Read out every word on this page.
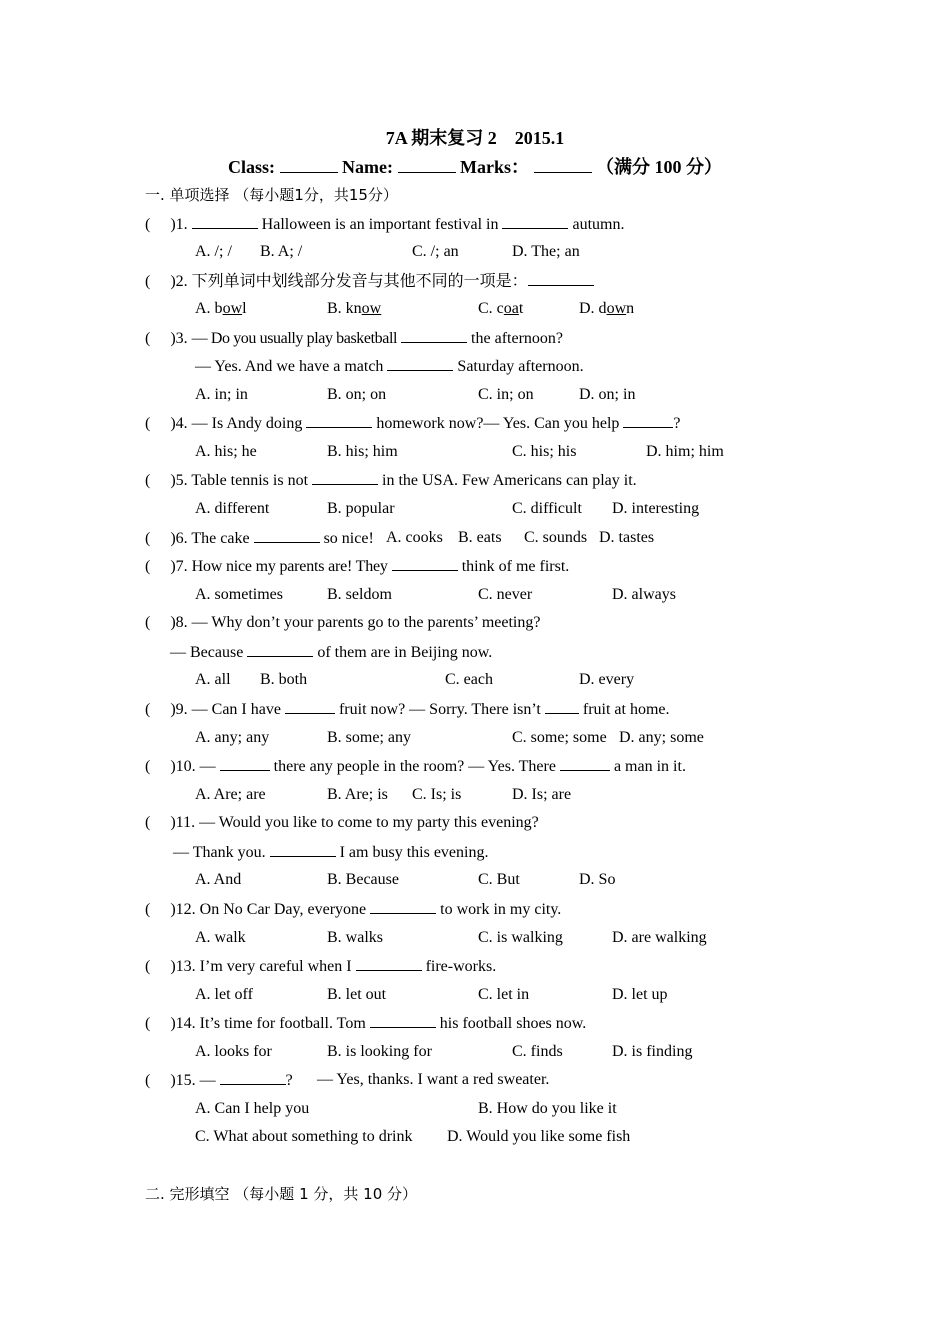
7A 期末复习 2　2015.1
Class:	Name:	Marks：	（满分 100 分）
一. 单项选择 （每小题1分，共15分）
( )1.	Halloween is an important festival in	autumn.
A. /; / B. A; /	C. /; an	D. The; an
( )2. 下列单词中划线部分发音与其他不同的一项是：
A. bowl	B. know	C. coat	D. down
( )3. — Do you usually play basketball	the afternoon?
— Yes. And we have a match	Saturday afternoon.
A. in; in	B. on; on	C. in; on	D. on; in
( )4. — Is Andy doing	homework now?— Yes. Can you help	?
A. his; he	B. his; him	C. his; his	D. him; him
( )5. Table tennis is not	in the USA. Few Americans can play it.
A. different	B. popular	C. difficult D. interesting
( )6. The cake	so nice! A. cooks B. eats C. sounds D. tastes
( )7. How nice my parents are! They	think of me first.
A. sometimes	B. seldom	C. never	D. always
( )8. — Why don’t your parents go to the parents’ meeting?
— Because	of them are in Beijing now.
A. all B. both	C. each	D. every
( )9. — Can I have	fruit now? — Sorry. There isn’t	fruit at home.
A. any; any	B. some; any	C. some; some D. any; some
( )10. —	there any people in the room? — Yes. There	a man in it.
A. Are; are	B. Are; is C. Is; is	D. Is; are
( )11. — Would you like to come to my party this evening?
— Thank you.	I am busy this evening.
A. And	B. Because	C. But	D. So
( )12. On No Car Day, everyone	to work in my city.
A. walk	B. walks	C. is walking	D. are walking
( )13. I’m very careful when I	fire-works.
A. let off	B. let out	C. let in	D. let up
( )14. It’s time for football. Tom	his football shoes now.
A. looks for	B. is looking for	C. finds	D. is finding
( )15. —	? — Yes, thanks. I want a red sweater.
A. Can I help you	B. How do you like it
C. What about something to drink D. Would you like some fish
二. 完形填空 （每小题 1 分，共 10 分）
